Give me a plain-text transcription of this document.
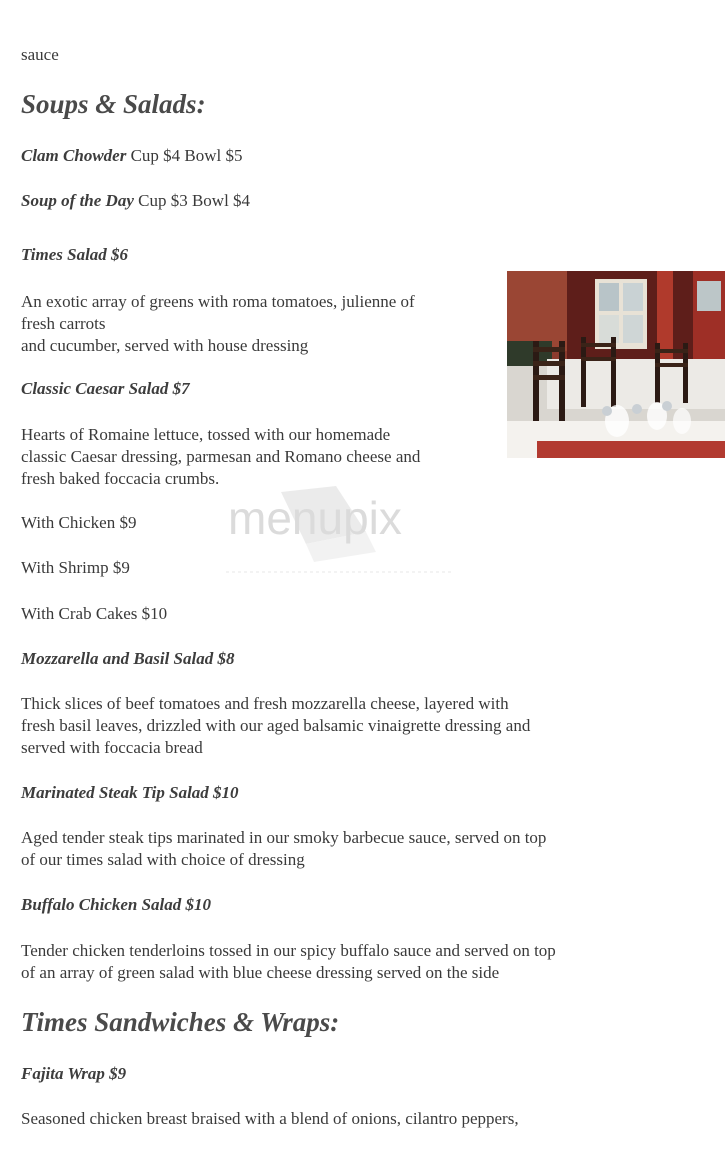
sauce

Soups & Salads:

Clam Chowder Cup $4 Bowl $5

Soup of the Day Cup $3 Bowl $4

Times Salad $6

An exotic array of greens with roma tomatoes, julienne of

fresh carrots

and cucumber, served with house dressing

Classic Caesar Salad $7

Hearts of Romaine lettuce, tossed with our homemade

classic Caesar dressing, parmesan and Romano cheese and

fresh baked foccacia crumbs.

With Chicken $9

With Shrimp $9

With Crab Cakes $10

Mozzarella and Basil Salad $8

Thick slices of beef tomatoes and fresh mozzarella cheese, layered with

fresh basil leaves, drizzled with our aged balsamic vinaigrette dressing and

served with foccacia bread

Marinated Steak Tip Salad $10

Aged tender steak tips marinated in our smoky barbecue sauce, served on top

of our times salad with choice of dressing

Buffalo Chicken Salad $10

Tender chicken tenderloins tossed in our spicy buffalo sauce and served on top

of an array of green salad with blue cheese dressing served on the side

Times Sandwiches & Wraps:

Fajita Wrap $9

Seasoned chicken breast braised with a blend of onions, cilantro peppers,

menupix
